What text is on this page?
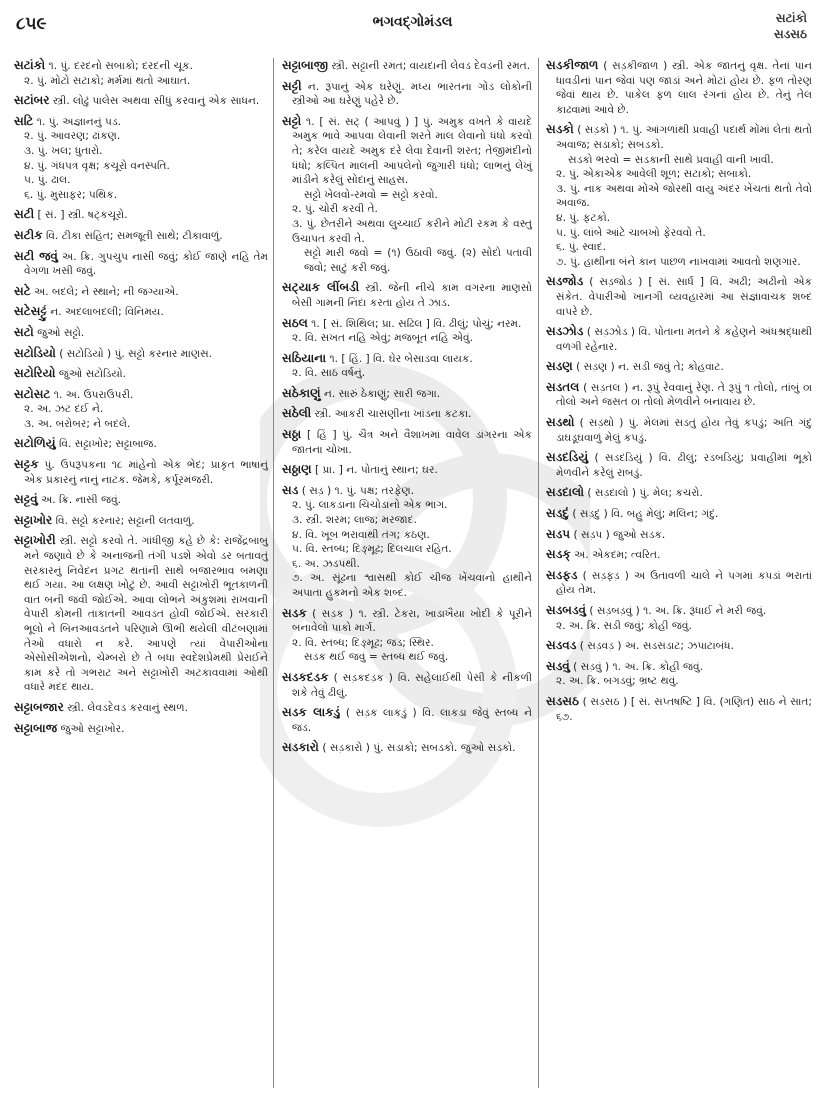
૮૫૯	ભગવદ્ગોમંડલ	સટાંકો
સડસઠ
સટાંકો ૧. પું. દરદનો સબાકો; દરદની ચૂક.
૨. પું. મોટો સટાકો; મર્મમાં થતો આઘાત.
સટાંબર સ્ત્રી. લોઢું પાલેસ અથવા સીધું કરવાનું એક સાધન.
સટિ ૧. પું. અજ્ઞાનનું પડ.
૨. પું. આવરણ; ઢાંકણ.
૩. પું. ખલ; ધુતારો.
૪. પું. ગંધપત્ર વૃક્ષ; કચૂરો વનસ્પતિ.
૫. પું. ઢાલ.
૬. પું. મુસાફર; પથિક.
સટી [ સં. ] સ્ત્રી. ષટ્કચૂરો.
સટીક વિ. ટીકા સહિત; સમજૂતી સાથે; ટીકાવાળું.
સટી જવું અ. ક્રિ. ગુપચુપ નાસી જવું; કોઈ જાણે નહિ તેમ વેગળા ખસી જવું.
સટે અ. બદલે; ને સ્થાને; ની જગ્યાએ.
સટેસટ્ટું ન. અદલાબદલી; વિનિમય.
સટો જુઓ સટ્ટો.
સટોડિયો ( સટોડિયો ) પું. સટ્ટો કરનાર માણસ.
સટોરિયો જુઓ સટોડિયો.
સટોસટ ૧. અ. ઉપરાઉપરી.
૨. અ. ઝટ દઈ ને.
૩. અ. બરોબર; ને બદલે.
સટોળિયું વિ. સટ્ટાખોર; સટ્ટાબાજ.
સટ્ટક પું. ઉપરૂપકના ૧૮ માંહેનો એક ભેદ; પ્રાકૃત ભાષાનું એક પ્રકારનું નાનું નાટક. જેમકે, કર્પૂરમંજરી.
સટ્ટવું અ. ક્રિ. નાસી જવું.
સટ્ટાખોર વિ. સટ્ટો કરનાર; સટ્ટાની લતવાળું.
સટ્ટાખોરી સ્ત્રી. સટ્ટો કરવો તે. ગાંધીજી કહે છે કે: રાજેંદ્રબાબુ મને જણાવે છે કે અનાજની તંગી પડશે એવો ડર બતાવતું સરકારનું નિવેદન પ્રગટ થતાંની સાથે બજારભાવ બમણા થઈ ગયા. આ લક્ષણ ખોટું છે. આવી સટ્ટાખોરી ભૂતકાળની વાત બની જવી જોઈએ. આવા લોભને અંકુશમાં રાખવાની વેપારી કોમની તાકાતની આવડત હોવી જોઈએ. સરકારી ભૂલો ને બિનઆવડતને પરિણામે ઊભી થયેલી વીટંબણામાં તેઓ વધારો ન કરે. આપણે ત્યાં વેપારીઓના એસોસીએશનો, ચેમ્બરો છે તે બધા સ્વદેશપ્રેમથી પ્રેરાઈને કામ કરે તો ગભરાટ અને સટ્ટાખોરી અટકાવવામાં ઓથી વધારે મદદ થાય.
સટ્ટાબજાર સ્ત્રી. લેવડદેવડ કરવાનું સ્થળ.
સટ્ટાબાજ જુઓ સટ્ટાખોર.
સટ્ટાબાજી સ્ત્રી. સટ્ટાની રમત; વાયદાની લેવડ દેવડની રમત.
સટ્ટી ન. રૂપાનું એક ઘરેણું. મધ્ય ભારતના ગોંડ લોકોની સ્ત્રીઓ આ ઘરેણું પહેરે છે.
સટ્ટો ૧. [ સં. સટ્ ( આપવું ) ] પું. અમુક વખતે કે વાયદે અમુક ભાવે આપવા લેવાની શરતે માલ લેવાનો ધંધો કરવો તે; કરેલ વાયદે અમુક દરે લેવા દેવાની શરત; તેજીમંદીનો ધંધો; કલ્પિત માલની આપલેનો જુગારી ધંધો; લાભનું લેખું માંડીને કરેલું સોદાનું સાહસ.
સટ્ટો ખેલવો-રમવો = સટ્ટો કરવો.
૨. પું. ચોરી કરવી તે.
૩. પું. છેતરીને અથવા લુચ્ચાઈ કરીને મોટી રકમ કે વસ્તુ ઉચાપત કરવી તે.
સટ્ટો મારી જવો = (૧) ઉઠાવી જવું. (૨) સોદો પતાવી જવો; સાટું કરી જવું.
સટ્યાક લીંબડી સ્ત્રી. જેની નીચે કામ વગરના માણસો બેસી ગામની નિંદા કરતા હોય તે ઝાડ.
સઠલ ૧. [ સં. શિથિલ; પ્રા. સઢિલ ] વિ. ઢીલું; પોચું; નરમ.
૨. વિ. સખત નહિ એવું; મજબૂત નહિ એવું.
સઠિયાના ૧. [ હિં. ] વિ. ઘેર બેસાડવા લાયક.
૨. વિ. સાઠ વર્ષનું.
સઠેકાણું ન. સારું ઠેકાણું; સારી જગા.
સઠેલી સ્ત્રી. આકરી ચાસણીના ખાંડના કટકા.
સઠ્ઠા [ હિં ] પું. ચૈત્ર અને વૈશાખમાં વાવેલ ડાંગરના એક જાતના ચોખા.
સઠ્ઠાણ [ પ્રા. ] ન. પોતાનું સ્થાન; ઘર.
સડ ( સડ઼ ) ૧. પું. પક્ષ; તરફેણ.
૨. પું. લાકડાના ચિચોડાનો એક ભાગ.
૩. સ્ત્રી. શરમ; લાજ; મરજાદ.
૪. વિ. ખૂબ ભરાવાથી તંગ; કઠણ.
૫. વિ. સ્તબ્ધ; દિઙ્મૂઢ; દિલચાલ રહિત.
૬. અ. ઝડપથી.
૭. અ. સૂંઢના શ્વાસથી કોઈ ચીજ ખેંચવાનો હાથીને અપાતા હુકમનો એક શબ્દ.
સડક ( સડ઼ક ) ૧. સ્ત્રી. ટેકરા, ખાડાખૈયા ખોદી કે પૂરીને બનાવેલો પાકો માર્ગ.
૨. વિ. સ્તબ્ધ; દિઙ્મૂઢ; જડ; સ્થિર.
સડક થઈ જવું = સ્તબ્ધ થઈ જવું.
સડકદડક ( સડ઼કદડ઼ક ) વિ. સહેલાઈથી પેસી કે નીકળી શકે તેવું ઢીલું.
સડક લાકડું ( સડ઼ક લાકડું ) વિ. લાકડા જેવું સ્તબ્ધ ને જડ.
સડકારો ( સડ઼કારો ) પું. સડાકો; સબડકો. જુઓ સડકો.
સડકીજાળ ( સડ઼કીજાળ ) સ્ત્રી. એક જાતનું વૃક્ષ. તેનાં પાન ધાવડીનાં પાન જેવાં પણ જાડાં અને મોટાં હોય છે. ફળ તોરણ જેવાં થાય છે. પાકેલ ફળ લાલ રંગનાં હોય છે. તેનું તેલ કાઢવામાં આવે છે.
સડકો ( સડ઼કો ) ૧. પું. આંગળાંથી પ્રવાહી પદાર્થ મોંમાં લેતાં થતો અવાજ; સડાકો; સબડકો.
સડકો ભરવો = સડકાની સાથે પ્રવાહી વાની ખાવી.
૨. પું. એકાએક આવેલી શૂળ; સટાકો; સબાકો.
૩. પું. નાક અથવા મોંએ જોરથી વાયુ અંદર ખેંચતાં થતો તેવો અવાજ.
૪. પું. ફટકો.
૫. પું. લાંબે આંટે ચાબખો ફેરવવો તે.
૬. પું. સ્વાદ.
૭. પું. હાથીના બંને કાન પાછળ નાખવામાં આવતો શણગાર.
સડજોડ ( સડ઼જોડ ) [ સં. સાર્ધ ] વિ. અઢી; અઢીનો એક સંકેત. વેપારીઓ ખાનગી વ્યવહારમાં આ સંજ્ઞાવાચક શબ્દ વાપરે છે.
સડઝોડ ( સડ઼ઝોડ ) વિ. પોતાના મતને કે કહેણને અંધશ્રદ્ધાથી વળગી રહેનાર.
સડણ ( સડ઼ણ ) ન. સડી જવું તે; કોહવાટ.
સડતલ ( સડ઼તલ ) ન. રૂપું રેવવાનું રેણ. તે રૂપું ૧ તોલો, તાંબું ૦ા તોલો અને જસત ૦ા તોલો મેળવીને બનાવાય છે.
સડથો ( સડ઼થો ) પું. મેલમાં સડતું હોય તેવું કપડું; અતિ ગંદું ડાઘડૂઘવાળું મેલું કપડું.
સડદડિયું ( સડદડિયું ) વિ. ઢીલું; રડબડિયું; પ્રવાહીમાં ભૂકો મેળવીને કરેલું રાબડું.
સડદાલો ( સડ઼દાલો ) પું. મેલ; કચરો.
સડદું ( સડ઼દું ) વિ. બહુ મેલું; મલિન; ગંદું.
સડપ ( સડ઼પ ) જુઓ સડક.
સડક્ અ. એકદમ; ત્વરિત.
સડફડ ( સડ઼ફડ઼ ) અ ઉતાવળી ચાલે ને પગમાં કપડાં ભરાતાં હોય તેમ.
સડબડવું ( સડ઼બડ઼વું ) ૧. અ. ક્રિ. રૂંધાઈ ને મરી જવું.
૨. અ. ક્રિ. સડી જવું; કોહી જવું.
સડવડ ( સડ઼વડ઼ ) અ. સડસડાટ; ઝપાટાબંધ.
સડવું ( સડ઼વું ) ૧. અ. ક્રિ. કોહી જવું.
૨. અ. ક્રિ. બગડવું; ભ્રષ્ટ થવું.
સડસઠ ( સડ઼સઠ ) [ સં. સપ્તષષ્ટિ ] વિ. (ગણિત) સાઠ ને સાત; ૬૭.
